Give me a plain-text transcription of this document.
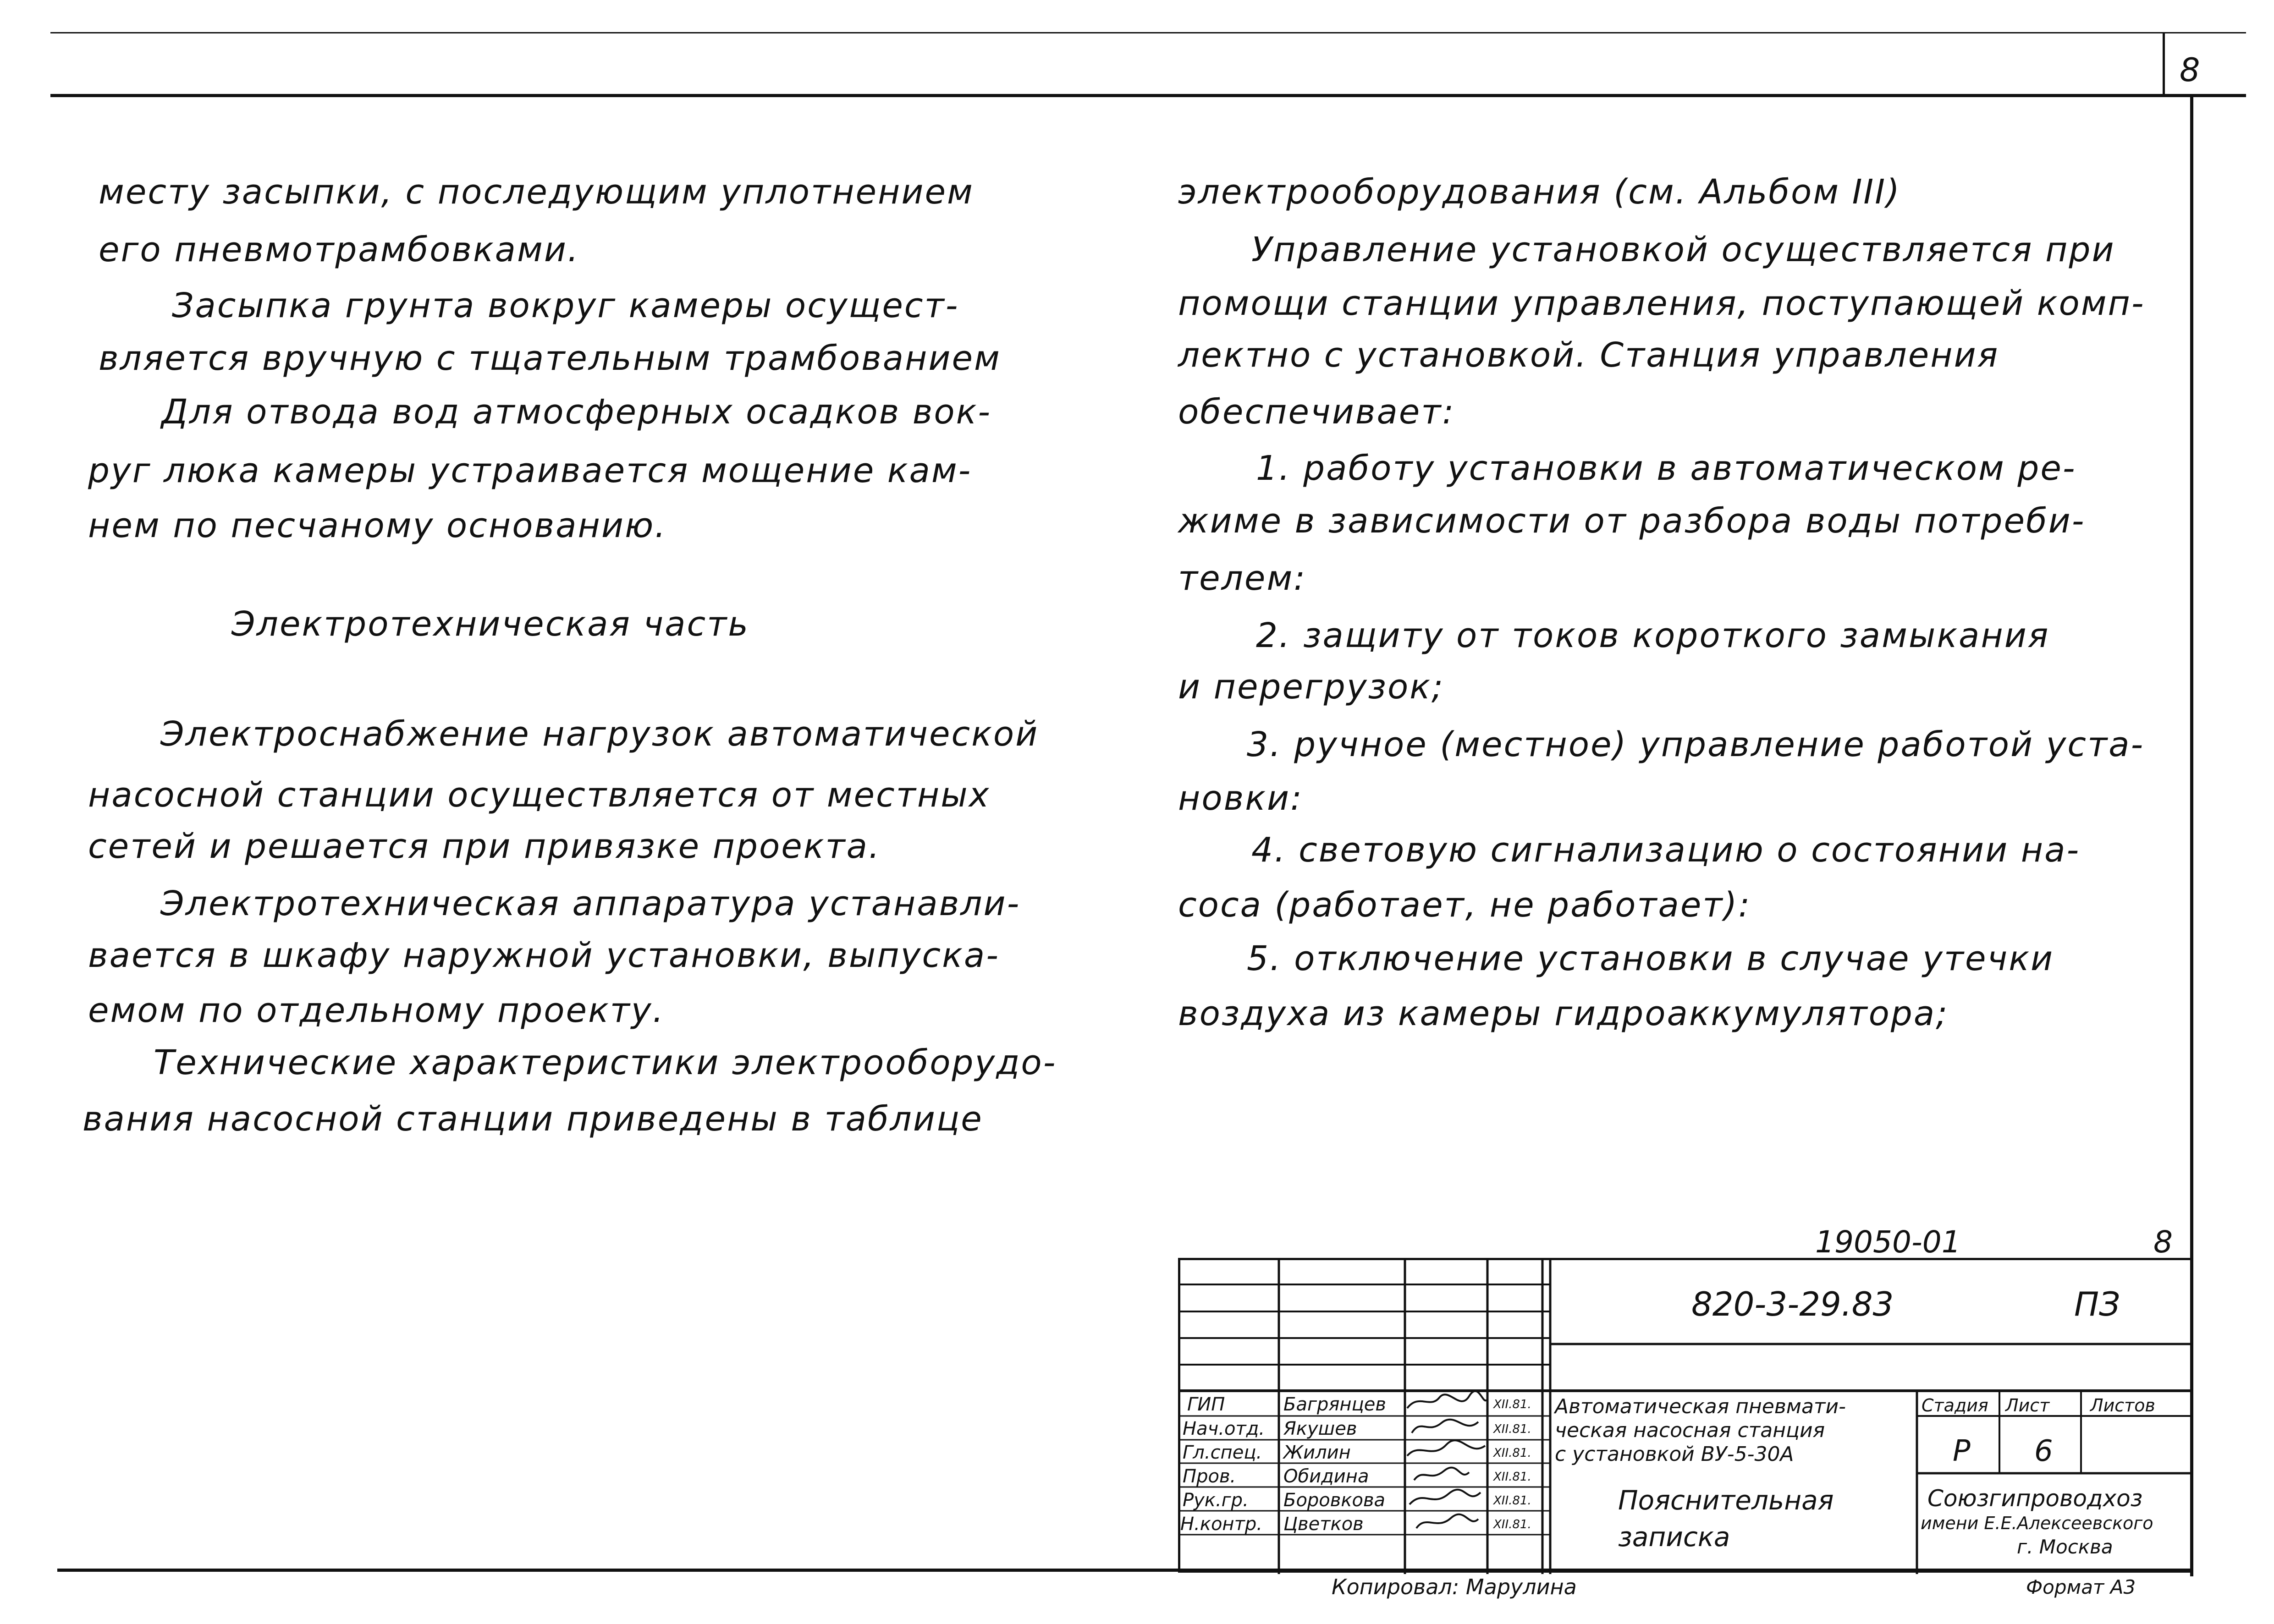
8
месту засыпки, с последующим уплотнением
его пневмотрамбовками.
Засыпка грунта вокруг камеры осущест-
вляется вручную с тщательным трамбованием
Для отвода вод атмосферных осадков вок-
руг люка камеры устраивается мощение кам-
нем по песчаному основанию.
Электротехническая часть
Электроснабжение нагрузок автоматической
насосной станции осуществляется от местных
сетей и решается при привязке проекта.
Электротехническая аппаратура устанавли-
вается в шкафу наружной установки, выпуска-
емом по отдельному проекту.
Технические характеристики электрооборудо-
вания насосной станции приведены в таблице
электрооборудования (см. Альбом III)
Управление установкой осуществляется при
помощи станции управления, поступающей комп-
лектно с установкой. Станция управления
обеспечивает:
1. работу установки в автоматическом ре-
жиме в зависимости от разбора воды потреби-
телем:
2. защиту от токов короткого замыкания
и перегрузок;
3. ручное (местное) управление работой уста-
новки:
4. световую сигнализацию о состоянии на-
соса (работает, не работает):
5. отключение установки в случае утечки
воздуха из камеры гидроаккумулятора;
19050-01	8
820-3-29.83	ПЗ
ГИП	Багрянцев	XII.81.
Нач.отд. Якушев	XII.81.
Гл.спец. Жилин	XII.81.
Пров.	Обидина	XII.81.
Рук.гр. Боровкова	XII.81.
Н.контр. Цветков	XII.81.
Автоматическая пневмати-
ческая насосная станция
с установкой ВУ-5-30А
Стадия Лист Листов
Р 6
Пояснительная
записка
Союзгипроводхоз
имени Е.Е.Алексеевского
г. Москва
Копировал: Марулина	Формат А3
